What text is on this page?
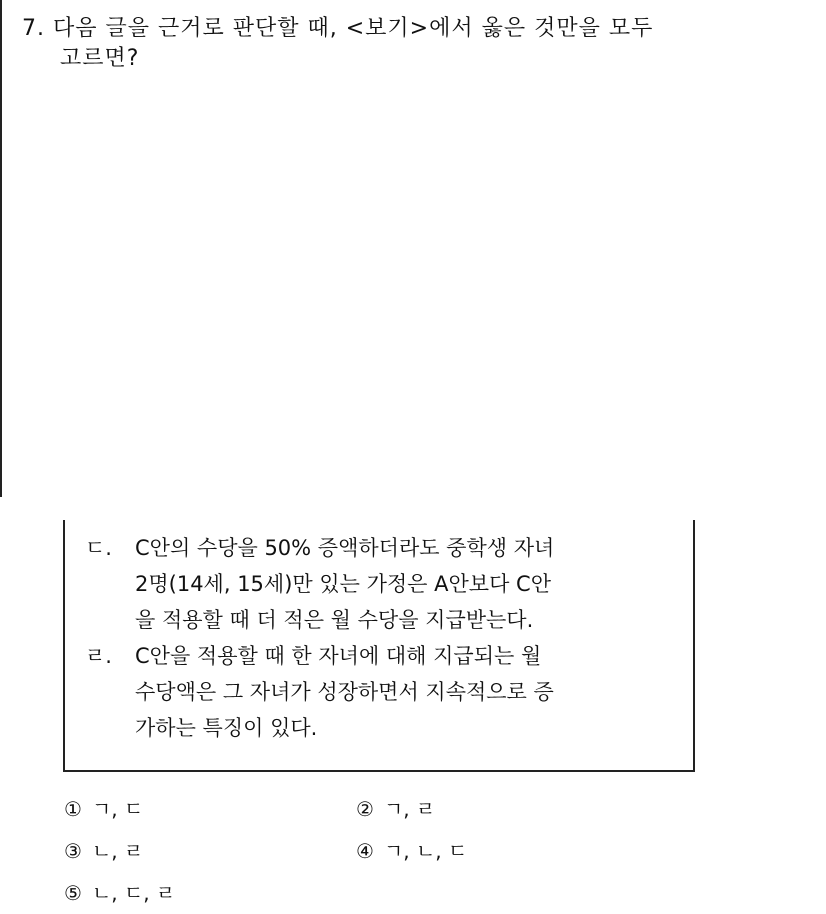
7. 다음 글을 근거로 판단할 때, <보기>에서 옳은 것만을 모두
고르면?
ㄷ. C안의 수당을 50% 증액하더라도 중학생 자녀
2명(14세, 15세)만 있는 가정은 A안보다 C안
을 적용할 때 더 적은 월 수당을 지급받는다.
ㄹ. C안을 적용할 때 한 자녀에 대해 지급되는 월
수당액은 그 자녀가 성장하면서 지속적으로 증
가하는 특징이 있다.
① ㄱ, ㄷ	② ㄱ, ㄹ
③ ㄴ, ㄹ	④ ㄱ, ㄴ, ㄷ
⑤ ㄴ, ㄷ, ㄹ
